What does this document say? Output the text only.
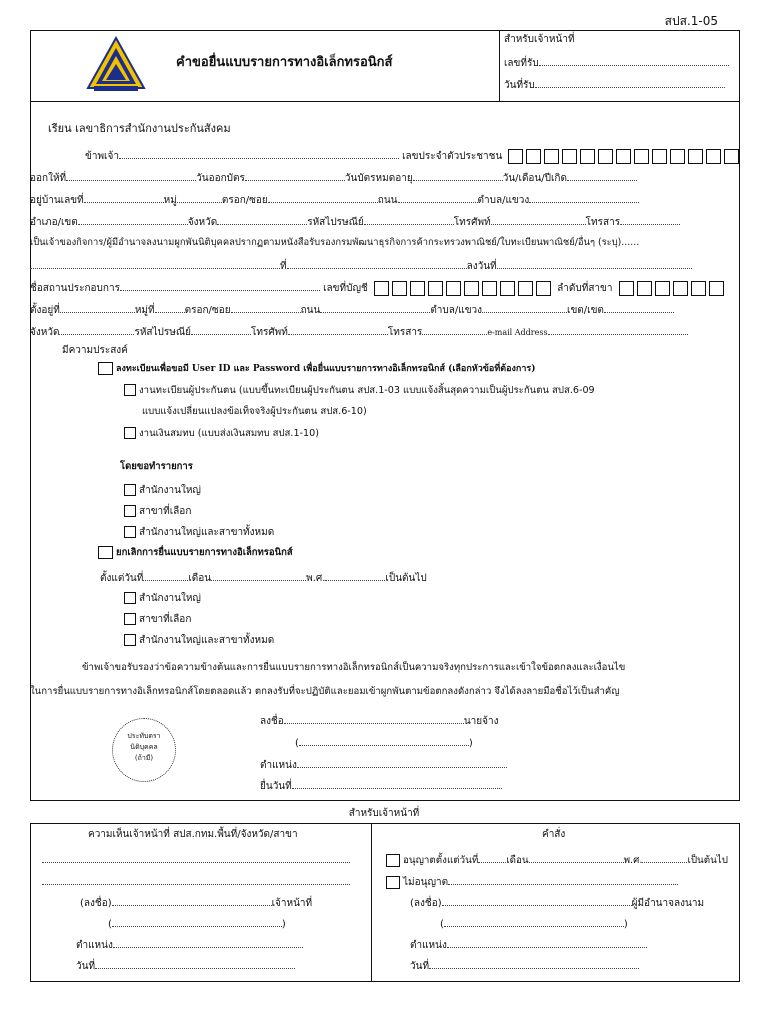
สปส.1-05
คำขอยื่นแบบรายการทางอิเล็กทรอนิกส์
สำหรับเจ้าหน้าที่
เลขที่รับ
วันที่รับ
เรียน เลขาธิการสำนักงานประกันสังคม
ข้าพเจ้า	เลขประจำตัวประชาชน
ออกให้ที่	วันออกบัตร	วันบัตรหมดอายุ	วัน/เดือน/ปีเกิด
อยู่บ้านเลขที่	หมู่	ตรอก/ซอย	ถนน	ตำบล/แขวง
อำเภอ/เขต	จังหวัด	รหัสไปรษณีย์	โทรศัพท์	โทรสาร
เป็นเจ้าของกิจการ/ผู้มีอำนาจลงนามผูกพันนิติบุคคลปรากฏตามหนังสือรับรองกรมพัฒนาธุรกิจการค้ากระทรวงพาณิชย์/ใบทะเบียนพาณิชย์/อื่นๆ (ระบุ)......
ที่	ลงวันที่
ชื่อสถานประกอบการ	เลขที่บัญชี	ลำดับที่สาขา
ตั้งอยู่ที่	หมู่ที่	ตรอก/ซอย	ถนน	ตำบล/แขวง	เขต/เขต
จังหวัด	รหัสไปรษณีย์	โทรศัพท์	โทรสาร	e-mail Address
มีความประสงค์
ลงทะเบียนเพื่อขอมี User ID และ Password เพื่อยื่นแบบรายการทางอิเล็กทรอนิกส์ (เลือกหัวข้อที่ต้องการ)
งานทะเบียนผู้ประกันตน (แบบขึ้นทะเบียนผู้ประกันตน สปส.1-03 แบบแจ้งสิ้นสุดความเป็นผู้ประกันตน สปส.6-09
แบบแจ้งเปลี่ยนแปลงข้อเท็จจริงผู้ประกันตน สปส.6-10)
งานเงินสมทบ (แบบส่งเงินสมทบ สปส.1-10)
โดยขอทำรายการ
สำนักงานใหญ่
สาขาที่เลือก
สำนักงานใหญ่และสาขาทั้งหมด
ยกเลิกการยื่นแบบรายการทางอิเล็กทรอนิกส์
ตั้งแต่วันที่	เดือน	พ.ศ.	เป็นต้นไป
สำนักงานใหญ่
สาขาที่เลือก
สำนักงานใหญ่และสาขาทั้งหมด
ข้าพเจ้าขอรับรองว่าข้อความข้างต้นและการยื่นแบบรายการทางอิเล็กทรอนิกส์เป็นความจริงทุกประการและเข้าใจข้อตกลงและเงื่อนไข
ในการยื่นแบบรายการทางอิเล็กทรอนิกส์โดยตลอดแล้ว ตกลงรับที่จะปฏิบัติและยอมเข้าผูกพันตามข้อตกลงดังกล่าว จึงได้ลงลายมือชื่อไว้เป็นสำคัญ
ประทับตรา
นิติบุคคล
(ถ้ามี)
ลงชื่อ	นายจ้าง
(	)
ตำแหน่ง
ยื่นวันที่
สำหรับเจ้าหน้าที่
ความเห็นเจ้าหน้าที่ สปส.กทม.พื้นที่/จังหวัด/สาขา
(ลงชื่อ)	เจ้าหน้าที่
(	)
ตำแหน่ง
วันที่
คำสั่ง
อนุญาตตั้งแต่วันที่	เดือน	พ.ศ.	เป็นต้นไป
ไม่อนุญาต
(ลงชื่อ)	ผู้มีอำนาจลงนาม
(	)
ตำแหน่ง
วันที่
